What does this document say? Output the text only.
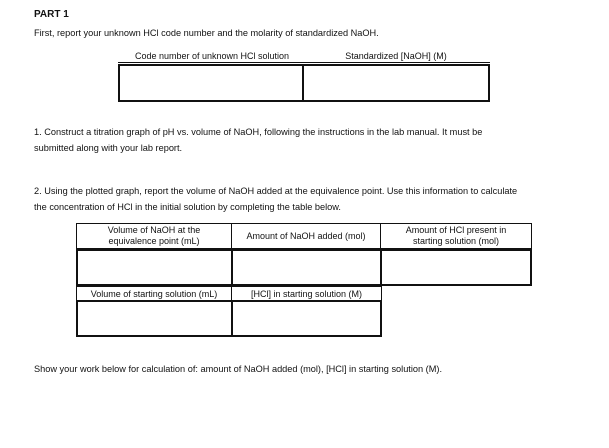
PART 1
First, report your unknown HCl code number and the molarity of standardized NaOH.
Code number of unknown HCl solution	Standardized [NaOH] (M)
1. Construct a titration graph of pH vs. volume of NaOH, following the instructions in the lab manual. It must be
submitted along with your lab report.
2. Using the plotted graph, report the volume of NaOH added at the equivalence point. Use this information to calculate
the concentration of HCl in the initial solution by completing the table below.
Volume of NaOH at the equivalence point (mL)
Amount of NaOH added (mol)
Amount of HCl present in starting solution (mol)
Volume of starting solution (mL)	[HCl] in starting solution (M)
Show your work below for calculation of: amount of NaOH added (mol), [HCl] in starting solution (M).
